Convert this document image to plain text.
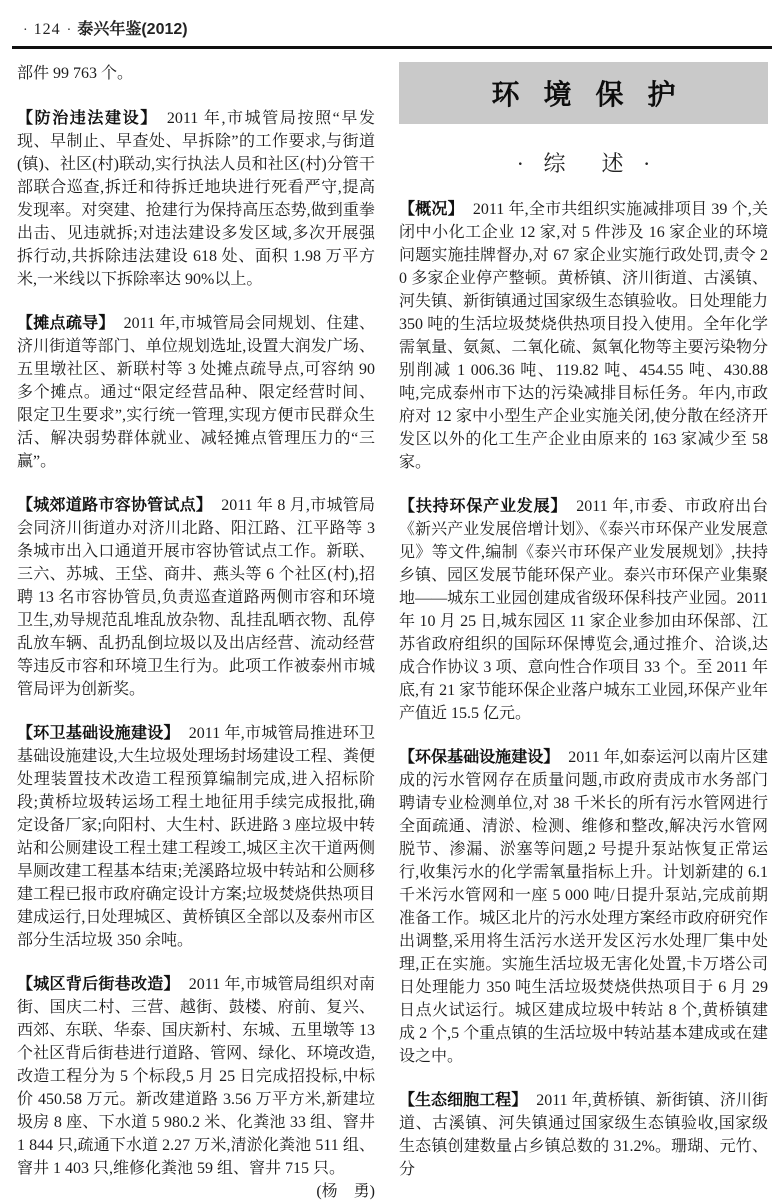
· 124 · 泰兴年鉴(2012)

部件 99 763 个。

【防治违法建设】 2011 年,市城管局按照“早发现、早制止、早查处、早拆除”的工作要求,与街道(镇)、社区(村)联动,实行执法人员和社区(村)分管干部联合巡查,拆迁和待拆迁地块进行死看严守,提高发现率。对突建、抢建行为保持高压态势,做到重拳出击、见违就拆;对违法建设多发区域,多次开展强拆行动,共拆除违法建设 618 处、面积 1.98 万平方米,一米线以下拆除率达 90%以上。

【摊点疏导】 2011 年,市城管局会同规划、住建、济川街道等部门、单位规划选址,设置大润发广场、五里墩社区、新联村等 3 处摊点疏导点,可容纳 90 多个摊点。通过“限定经营品种、限定经营时间、限定卫生要求”,实行统一管理,实现方便市民群众生活、解决弱势群体就业、减轻摊点管理压力的“三赢”。

【城郊道路市容协管试点】 2011 年 8 月,市城管局会同济川街道办对济川北路、阳江路、江平路等 3 条城市出入口通道开展市容协管试点工作。新联、三六、苏城、王垈、商井、燕头等 6 个社区(村),招聘 13 名市容协管员,负责巡查道路两侧市容和环境卫生,劝导规范乱堆乱放杂物、乱挂乱晒衣物、乱停乱放车辆、乱扔乱倒垃圾以及出店经营、流动经营等违反市容和环境卫生行为。此项工作被泰州市城管局评为创新奖。

【环卫基础设施建设】 2011 年,市城管局推进环卫基础设施建设,大生垃圾处理场封场建设工程、粪便处理装置技术改造工程预算编制完成,进入招标阶段;黄桥垃圾转运场工程土地征用手续完成报批,确定设备厂家;向阳村、大生村、跃进路 3 座垃圾中转站和公厕建设工程土建工程竣工,城区主次干道两侧旱厕改建工程基本结束;羌溪路垃圾中转站和公厕移建工程已报市政府确定设计方案;垃圾焚烧供热项目建成运行,日处理城区、黄桥镇区全部以及泰州市区部分生活垃圾 350 余吨。

【城区背后街巷改造】 2011 年,市城管局组织对南街、国庆二村、三营、越街、鼓楼、府前、复兴、西郊、东联、华泰、国庆新村、东城、五里墩等 13 个社区背后街巷进行道路、管网、绿化、环境改造,改造工程分为 5 个标段,5 月 25 日完成招投标,中标价 450.58 万元。新改建道路 3.56 万平方米,新建垃圾房 8 座、下水道 5 980.2 米、化粪池 33 组、窨井 1 844 只,疏通下水道 2.27 万米,清淤化粪池 511 组、窨井 1 403 只,维修化粪池 59 组、窨井 715 只。
(杨　勇)

环境保护
· 综　述 ·

【概况】 2011 年,全市共组织实施减排项目 39 个,关闭中小化工企业 12 家,对 5 件涉及 16 家企业的环境问题实施挂牌督办,对 67 家企业实施行政处罚,责令 20 多家企业停产整顿。黄桥镇、济川街道、古溪镇、河失镇、新街镇通过国家级生态镇验收。日处理能力 350 吨的生活垃圾焚烧供热项目投入使用。全年化学需氧量、氨氮、二氧化硫、氮氧化物等主要污染物分别削减 1 006.36 吨、119.82 吨、454.55 吨、430.88 吨,完成泰州市下达的污染减排目标任务。年内,市政府对 12 家中小型生产企业实施关闭,使分散在经济开发区以外的化工生产企业由原来的 163 家减少至 58 家。

【扶持环保产业发展】 2011 年,市委、市政府出台《新兴产业发展倍增计划》、《泰兴市环保产业发展意见》等文件,编制《泰兴市环保产业发展规划》,扶持乡镇、园区发展节能环保产业。泰兴市环保产业集聚地——城东工业园创建成省级环保科技产业园。2011 年 10 月 25 日,城东园区 11 家企业参加由环保部、江苏省政府组织的国际环保博览会,通过推介、洽谈,达成合作协议 3 项、意向性合作项目 33 个。至 2011 年底,有 21 家节能环保企业落户城东工业园,环保产业年产值近 15.5 亿元。

【环保基础设施建设】 2011 年,如泰运河以南片区建成的污水管网存在质量问题,市政府责成市水务部门聘请专业检测单位,对 38 千米长的所有污水管网进行全面疏通、清淤、检测、维修和整改,解决污水管网脱节、渗漏、淤塞等问题,2 号提升泵站恢复正常运行,收集污水的化学需氧量指标上升。计划新建的 6.1 千米污水管网和一座 5 000 吨/日提升泵站,完成前期准备工作。城区北片的污水处理方案经市政府研究作出调整,采用将生活污水送开发区污水处理厂集中处理,正在实施。实施生活垃圾无害化处置,卡万塔公司日处理能力 350 吨生活垃圾焚烧供热项目于 6 月 29 日点火试运行。城区建成垃圾中转站 8 个,黄桥镇建成 2 个,5 个重点镇的生活垃圾中转站基本建成或在建设之中。

【生态细胞工程】 2011 年,黄桥镇、新街镇、济川街道、古溪镇、河失镇通过国家级生态镇验收,国家级生态镇创建数量占乡镇总数的 31.2%。珊瑚、元竹、分
